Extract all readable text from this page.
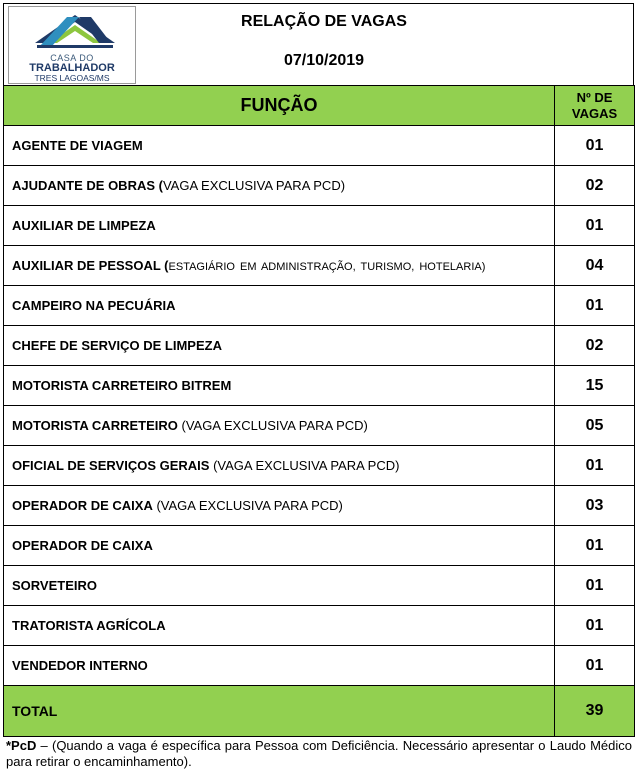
CASA DO
TRABALHADOR
TRES LAGOAS/MS
RELAÇÃO DE VAGAS
07/10/2019
FUNÇÃO	Nº DE
VAGAS
AGENTE DE VIAGEM	01
AJUDANTE DE OBRAS (VAGA EXCLUSIVA PARA PCD)	02
AUXILIAR DE LIMPEZA	01
AUXILIAR DE PESSOAL (ESTAGIÁRIO EM ADMINISTRAÇÃO, TURISMO, HOTELARIA)	04
CAMPEIRO NA PECUÁRIA	01
CHEFE DE SERVIÇO DE LIMPEZA	02
MOTORISTA CARRETEIRO BITREM	15
MOTORISTA CARRETEIRO (VAGA EXCLUSIVA PARA PCD)	05
OFICIAL DE SERVIÇOS GERAIS (VAGA EXCLUSIVA PARA PCD)	01
OPERADOR DE CAIXA (VAGA EXCLUSIVA PARA PCD)	03
OPERADOR DE CAIXA	01
SORVETEIRO	01
TRATORISTA AGRÍCOLA	01
VENDEDOR INTERNO	01
TOTAL	39
*PcD – (Quando a vaga é específica para Pessoa com Deficiência. Necessário apresentar o Laudo Médico para retirar o encaminhamento).
